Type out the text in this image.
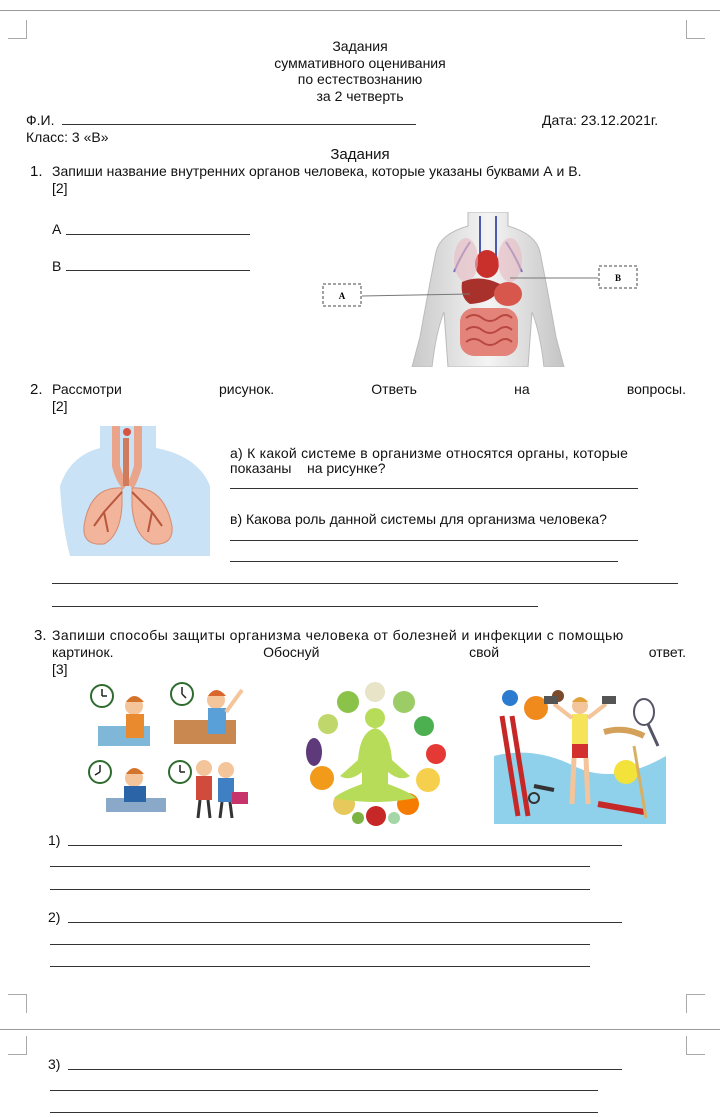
Задания
суммативного оценивания
по естествознанию
за 2 четверть
Ф.И.	Дата: 23.12.2021г.
Класс: 3 «В»
Задания
1. Запиши название внутренних органов человека, которые указаны буквами А и В.
[2]
А
В
A
B
2. Рассмотри	рисунок.	Ответь	на	вопросы.
[2]
а) К какой системе в организме относятся органы, которые
показаны    на рисунке?
в) Какова роль данной системы для организма человека?
3. Запиши способы защиты организма человека от болезней и инфекции с помощью
картинок.	Обоснуй	свой	ответ.
[3]
1)
2)
3)
